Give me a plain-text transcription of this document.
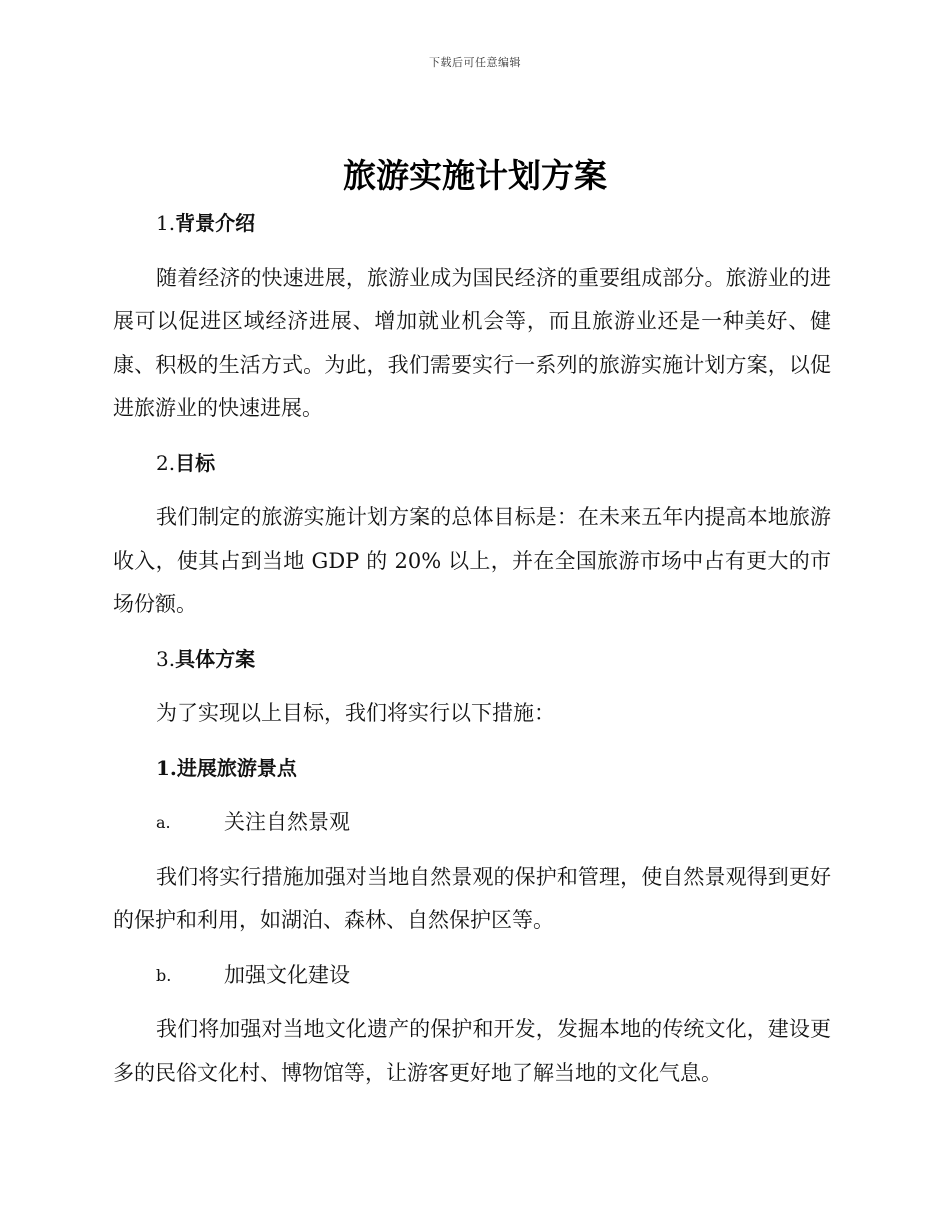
下载后可任意编辑
旅游实施计划方案
1.背景介绍

随着经济的快速进展，旅游业成为国民经济的重要组成部分。旅游业的进展可以促进区域经济进展、增加就业机会等，而且旅游业还是一种美好、健康、积极的生活方式。为此，我们需要实行一系列的旅游实施计划方案，以促进旅游业的快速进展。

2.目标

我们制定的旅游实施计划方案的总体目标是：在未来五年内提高本地旅游收入，使其占到当地 GDP 的 20% 以上，并在全国旅游市场中占有更大的市场份额。

3.具体方案

为了实现以上目标，我们将实行以下措施：

1.进展旅游景点
a.	关注自然景观

我们将实行措施加强对当地自然景观的保护和管理，使自然景观得到更好的保护和利用，如湖泊、森林、自然保护区等。

b.	加强文化建设

我们将加强对当地文化遗产的保护和开发，发掘本地的传统文化，建设更多的民俗文化村、博物馆等，让游客更好地了解当地的文化气息。
